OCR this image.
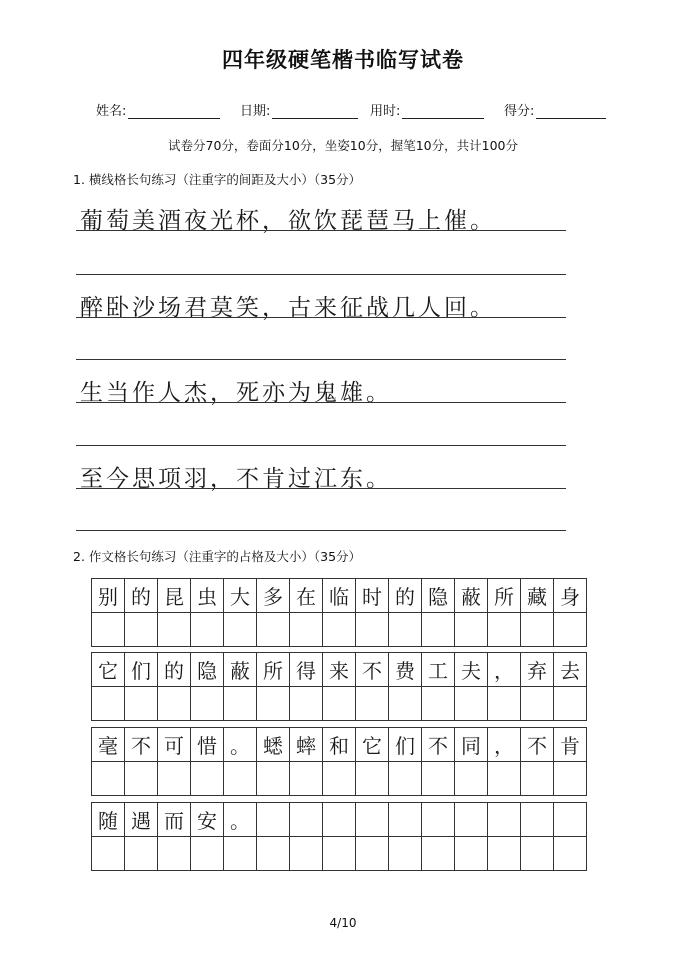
四年级硬笔楷书临写试卷
姓名:	日期:	用时:	得分:
试卷分70分，卷面分10分，坐姿10分，握笔10分，共计100分
1. 横线格长句练习（注重字的间距及大小）（35分）
葡萄美酒夜光杯，欲饮琵琶马上催。
醉卧沙场君莫笑，古来征战几人回。
生当作人杰，死亦为鬼雄。
至今思项羽，不肯过江东。
2. 作文格长句练习（注重字的占格及大小）（35分）
别 的 昆 虫 大 多 在 临 时 的 隐 蔽 所 藏 身
它 们 的 隐 蔽 所 得 来 不 费 工 夫 ， 弃 去
毫 不 可 惜 。 蟋 蟀 和 它 们 不 同 ， 不 肯
随 遇 而 安 。
4/10
